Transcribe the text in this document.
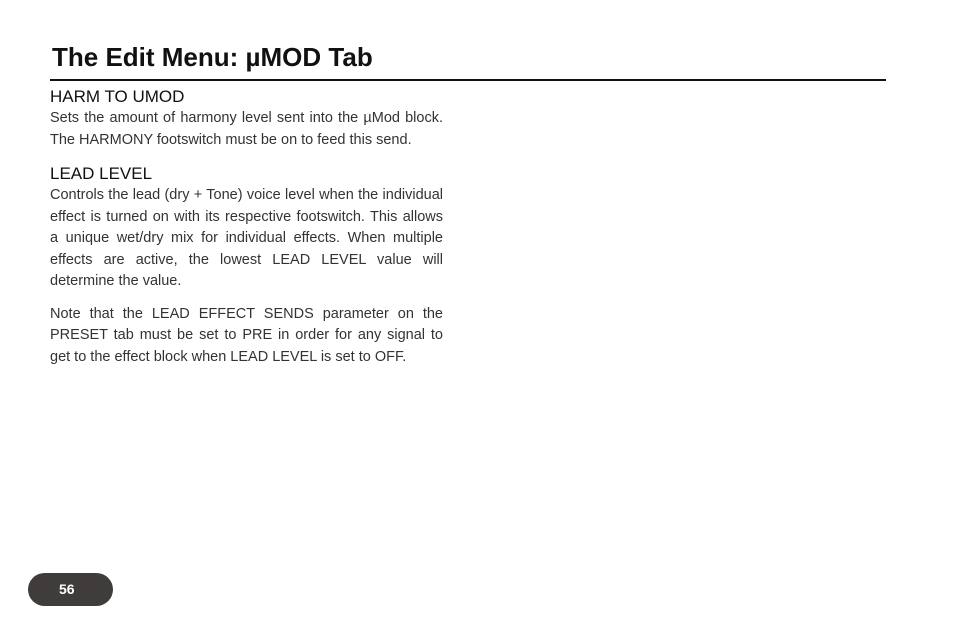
The Edit Menu: µMOD Tab
HARM TO UMOD

Sets the amount of harmony level sent into the µMod block. The HARMONY footswitch must be on to feed this send.

LEAD LEVEL

Controls the lead (dry + Tone) voice level when the individual effect is turned on with its respective footswitch. This allows a unique wet/dry mix for individual effects. When multiple effects are active, the lowest LEAD LEVEL value will determine the value.

Note that the LEAD EFFECT SENDS parameter on the PRESET tab must be set to PRE in order for any signal to get to the effect block when LEAD LEVEL is set to OFF.

56
